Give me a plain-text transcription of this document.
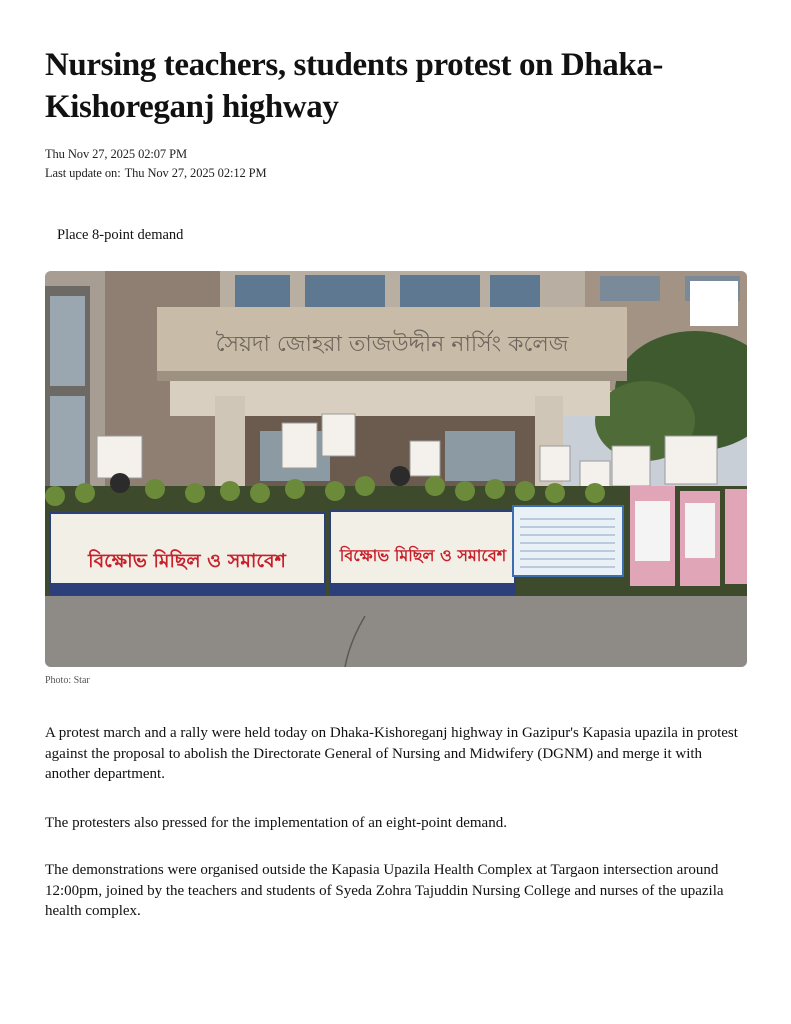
Nursing teachers, students protest on Dhaka-Kishoreganj highway
Thu Nov 27, 2025 02:07 PM
Last update on: Thu Nov 27, 2025 02:12 PM
Place 8-point demand
সৈয়দা জোহরা তাজউদ্দীন নার্সিং কলেজ
বিক্ষোভ মিছিল ও সমাবেশ	বিক্ষোভ মিছিল ও সমাবেশ
Photo: Star

A protest march and a rally were held today on Dhaka-Kishoreganj highway in Gazipur's Kapasia upazila in protest against the proposal to abolish the Directorate General of Nursing and Midwifery (DGNM) and merge it with another department.

The protesters also pressed for the implementation of an eight-point demand.

The demonstrations were organised outside the Kapasia Upazila Health Complex at Targaon intersection around 12:00pm, joined by the teachers and students of Syeda Zohra Tajuddin Nursing College and nurses of the upazila health complex.
